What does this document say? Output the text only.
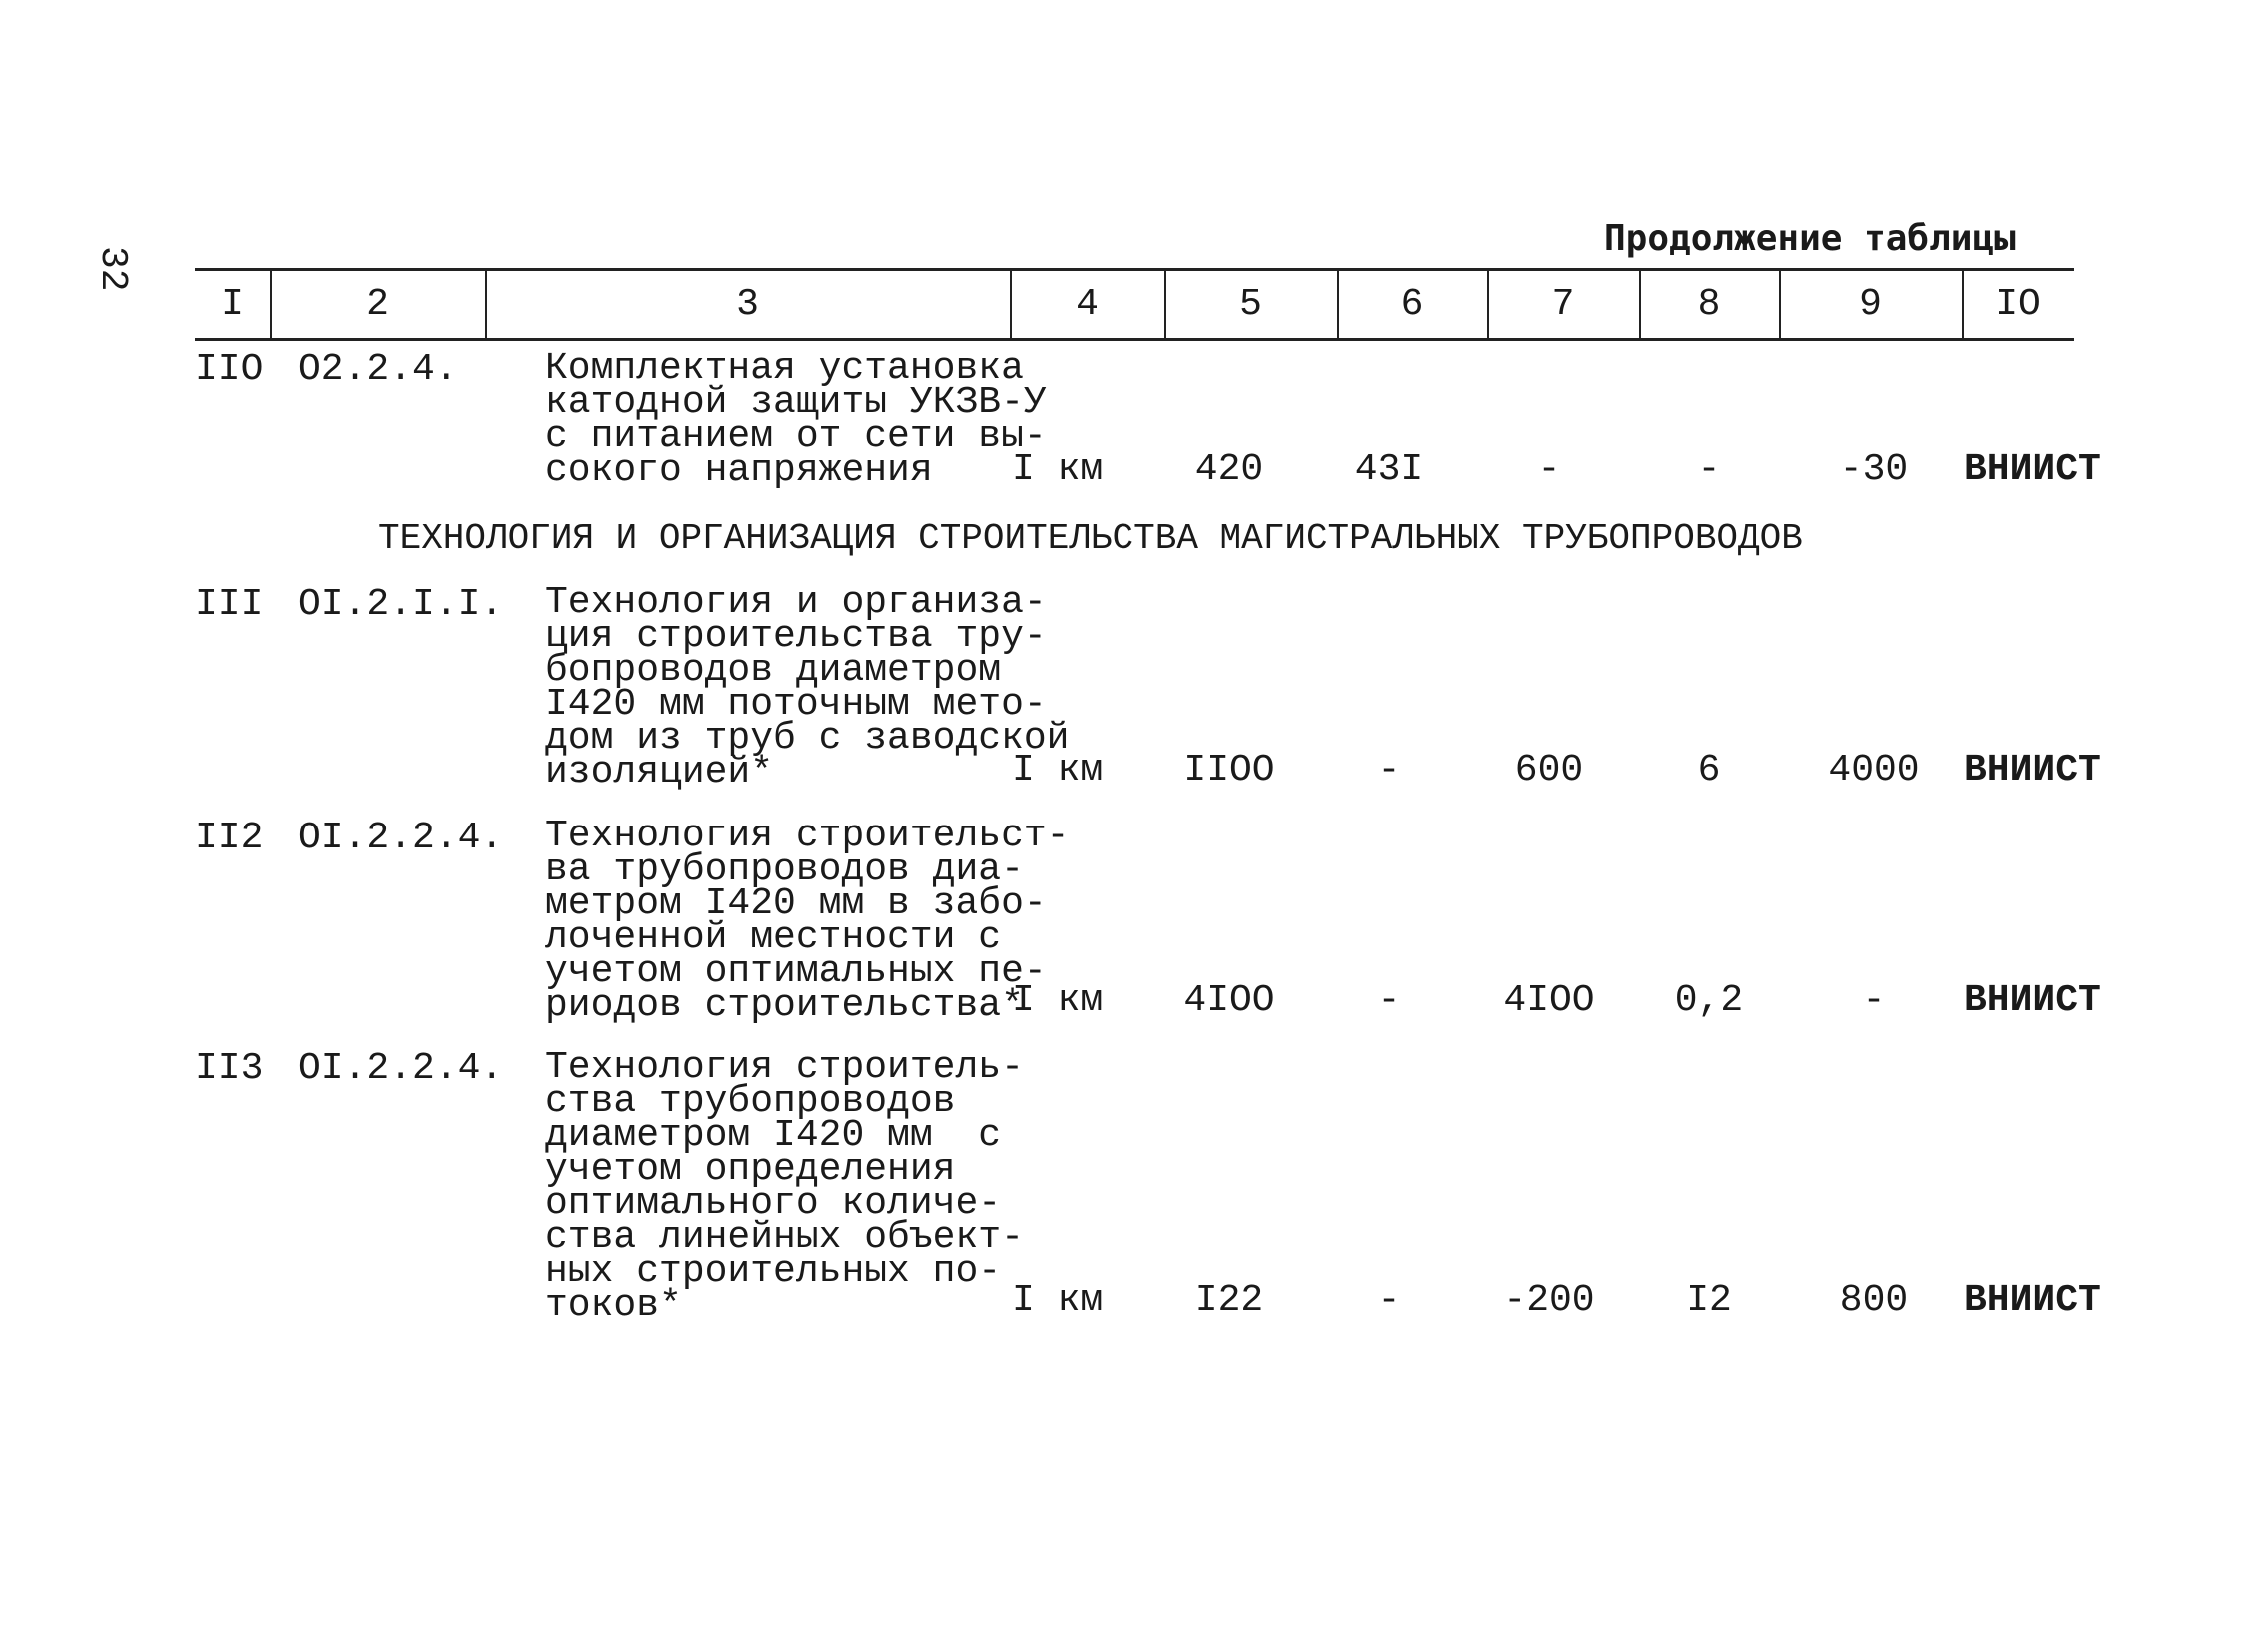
32
Продолжение таблицы
I	2	3	4	5	6	7	8	9	IO
IIO O2.2.4. Комплектная установка
катодной защиты УКЗВ-У
с питанием от сети вы-
сокого напряжения	I км	420	43I	-	-	-30	ВНИИСТ
ТЕХНОЛОГИЯ И ОРГАНИЗАЦИЯ СТРОИТЕЛЬСТВА МАГИСТРАЛЬНЫХ ТРУБОПРОВОДОВ
III OI.2.I.I. Технология и организа-
ция строительства тру-
бопроводов диаметром
I420 мм поточным мето-
дом из труб с заводской
изоляцией*	I км	IIOO	-	600	6	4000	ВНИИСТ
II2 OI.2.2.4. Технология строительст-
ва трубопроводов диа-
метром I420 мм в забо-
лоченной местности с
учетом оптимальных пе-
риодов строительства*
I км	4IOO	-	4IOO	0,2	-	ВНИИСТ
II3 OI.2.2.4. Технология строитель-
ства трубопроводов
диаметром I420 мм  с
учетом определения
оптимального количе-
ства линейных объект-
ных строительных по-
токов*	I км	I22	-	-200	I2	800	ВНИИСТ
